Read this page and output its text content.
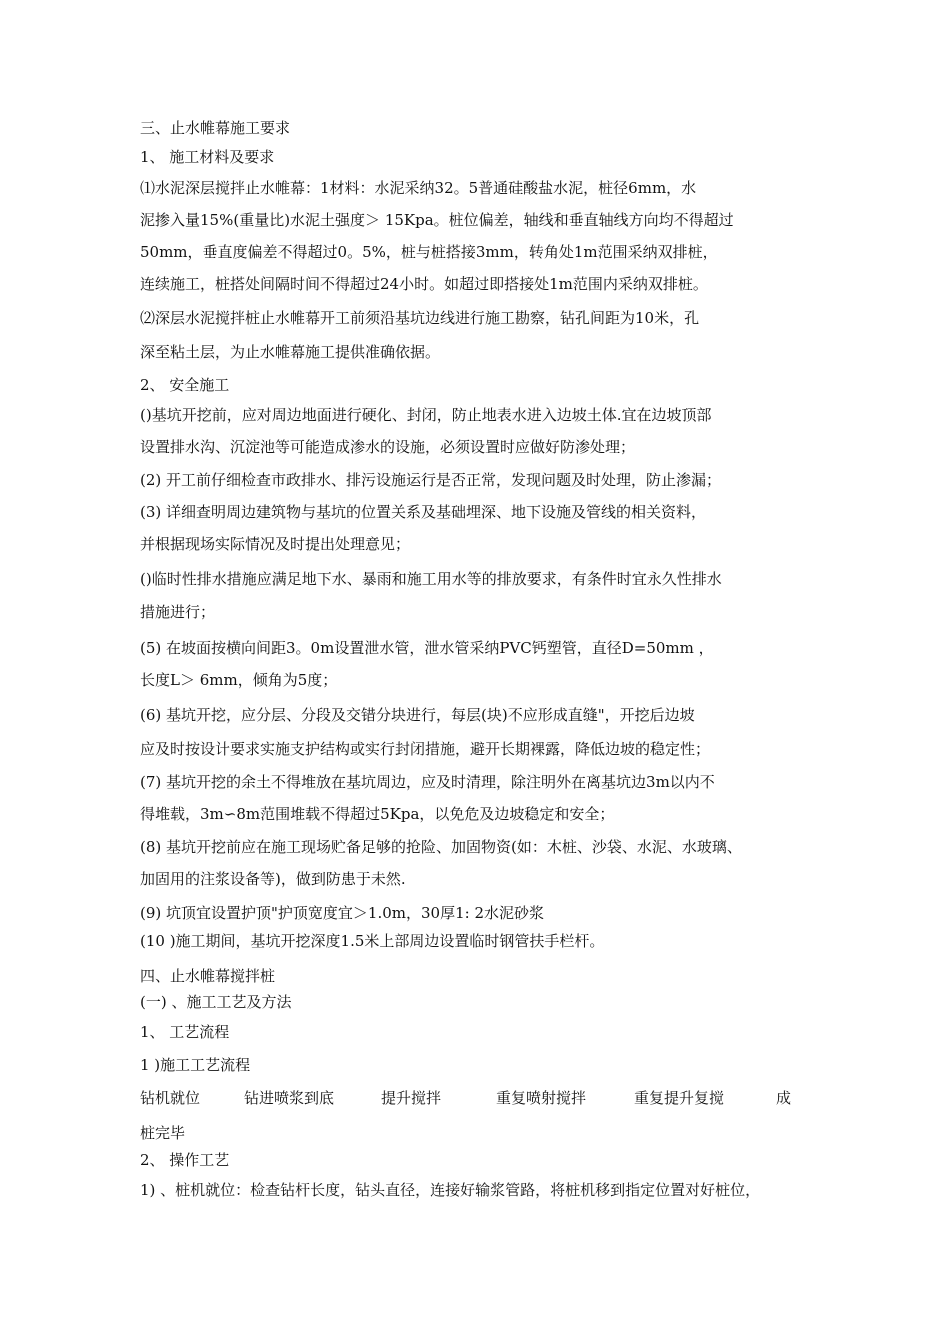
三、止水帷幕施工要求
1、 施工材料及要求
⑴水泥深层搅拌止水帷幕：1材料：水泥采纳32。5普通硅酸盐水泥，桩径6mm，水
泥掺入量15%(重量比)水泥土强度＞ 15Kpa。桩位偏差，轴线和垂直轴线方向均不得超过
50mm，垂直度偏差不得超过0。5%，桩与桩搭接3mm，转角处1m范围采纳双排桩，
连续施工，桩搭处间隔时间不得超过24小时。如超过即搭接处1m范围内采纳双排桩。
⑵深层水泥搅拌桩止水帷幕开工前须沿基坑边线进行施工勘察，钻孔间距为10米，孔
深至粘土层，为止水帷幕施工提供准确依据。
2、 安全施工
()基坑开挖前，应对周边地面进行硬化、封闭，防止地表水进入边坡土体.宜在边坡顶部
设置排水沟、沉淀池等可能造成渗水的设施，必须设置时应做好防渗处理；
(2) 开工前仔细检查市政排水、排污设施运行是否正常，发现问题及时处理，防止渗漏；
(3) 详细查明周边建筑物与基坑的位置关系及基础埋深、地下设施及管线的相关资料，
并根据现场实际情况及时提出处理意见；
()临时性排水措施应满足地下水、暴雨和施工用水等的排放要求，有条件时宜永久性排水
措施进行；
(5) 在坡面按横向间距3。0m设置泄水管，泄水管采纳PVC钙塑管，直径D=50mm ，
长度L＞ 6mm，倾角为5度；
(6) 基坑开挖，应分层、分段及交错分块进行，每层(块)不应形成直缝"，开挖后边坡
应及时按设计要求实施支护结构或实行封闭措施，避开长期裸露，降低边坡的稳定性；
(7) 基坑开挖的余土不得堆放在基坑周边，应及时清理，除注明外在离基坑边3m以内不
得堆载，3m∽8m范围堆载不得超过5Kpa，以免危及边坡稳定和安全；
(8) 基坑开挖前应在施工现场贮备足够的抢险、加固物资(如：木桩、沙袋、水泥、水玻璃、
加固用的注浆设备等)，做到防患于未然.
(9) 坑顶宜设置护顶"护顶宽度宜＞1.0m，30厚1: 2水泥砂浆
(10 )施工期间，基坑开挖深度1.5米上部周边设置临时钢管扶手栏杆。
四、止水帷幕搅拌桩
(一) 、施工工艺及方法
1、 工艺流程
1 )施工工艺流程
钻机就位	钻进喷浆到底	提升搅拌	重复喷射搅拌	重复提升复搅	成
桩完毕
2、 操作工艺
1) 、桩机就位：检查钻杆长度，钻头直径，连接好输浆管路，将桩机移到指定位置对好桩位，
